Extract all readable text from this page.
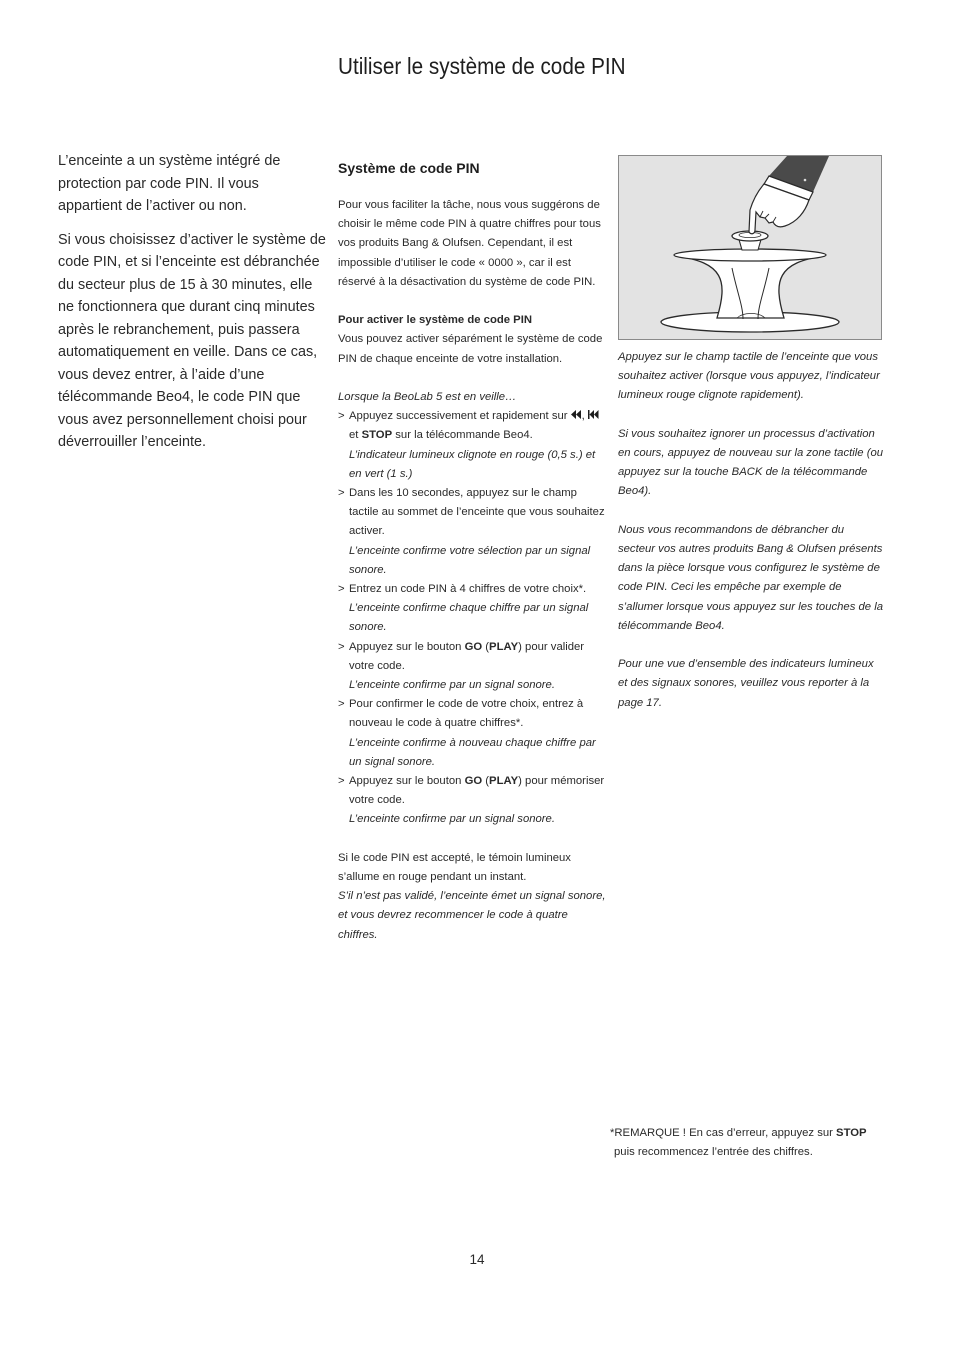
Utiliser le système de code PIN

L’enceinte a un système intégré de protection par code PIN. Il vous appartient de l’activer ou non.

Si vous choisissez d’activer le système de code PIN, et si l’enceinte est débranchée du secteur plus de 15 à 30 minutes, elle ne fonctionnera que durant cinq minutes après le rebranchement, puis passera automatiquement en veille. Dans ce cas, vous devez entrer, à l’aide d’une télécommande Beo4, le code PIN que vous avez personnellement choisi pour déverrouiller l’enceinte.

Système de code PIN

Pour vous faciliter la tâche, nous vous suggérons de choisir le même code PIN à quatre chiffres pour tous vos produits Bang & Olufsen. Cependant, il est impossible d’utiliser le code « 0000 », car il est réservé à la désactivation du système de code PIN.

Pour activer le système de code PIN

Vous pouvez activer séparément le système de code PIN de chaque enceinte de votre installation.

Lorsque la BeoLab 5 est en veille…

> Appuyez successivement et rapidement sur ,
et STOP sur la télécommande Beo4.
L’indicateur lumineux clignote en rouge (0,5 s.) et en vert (1 s.)
> Dans les 10 secondes, appuyez sur le champ tactile au sommet de l’enceinte que vous souhaitez activer.
L’enceinte confirme votre sélection par un signal sonore.
> Entrez un code PIN à 4 chiffres de votre choix*.
L’enceinte confirme chaque chiffre par un signal sonore.
> Appuyez sur le bouton GO (PLAY) pour valider votre code.
L’enceinte confirme par un signal sonore.
> Pour confirmer le code de votre choix, entrez à nouveau le code à quatre chiffres*.
L’enceinte confirme à nouveau chaque chiffre par un signal sonore.
> Appuyez sur le bouton GO (PLAY) pour mémoriser votre code.
L’enceinte confirme par un signal sonore.

Si le code PIN est accepté, le témoin lumineux s’allume en rouge pendant un instant.

S’il n’est pas validé, l’enceinte émet un signal sonore, et vous devrez recommencer le code à quatre chiffres.

Appuyez sur le champ tactile de l’enceinte que vous souhaitez activer (lorsque vous appuyez, l’indicateur lumineux rouge clignote rapidement).

Si vous souhaitez ignorer un processus d’activation en cours, appuyez de nouveau sur la zone tactile (ou appuyez sur la touche BACK de la télécommande Beo4).

Nous vous recommandons de débrancher du secteur vos autres produits Bang & Olufsen présents dans la pièce lorsque vous configurez le système de code PIN. Ceci les empêche par exemple de s’allumer lorsque vous appuyez sur les touches de la télécommande Beo4.

Pour une vue d’ensemble des indicateurs lumineux et des signaux sonores, veuillez vous reporter à la page 17.

*REMARQUE ! En cas d’erreur, appuyez sur STOP
puis recommencez l’entrée des chiffres.
14
